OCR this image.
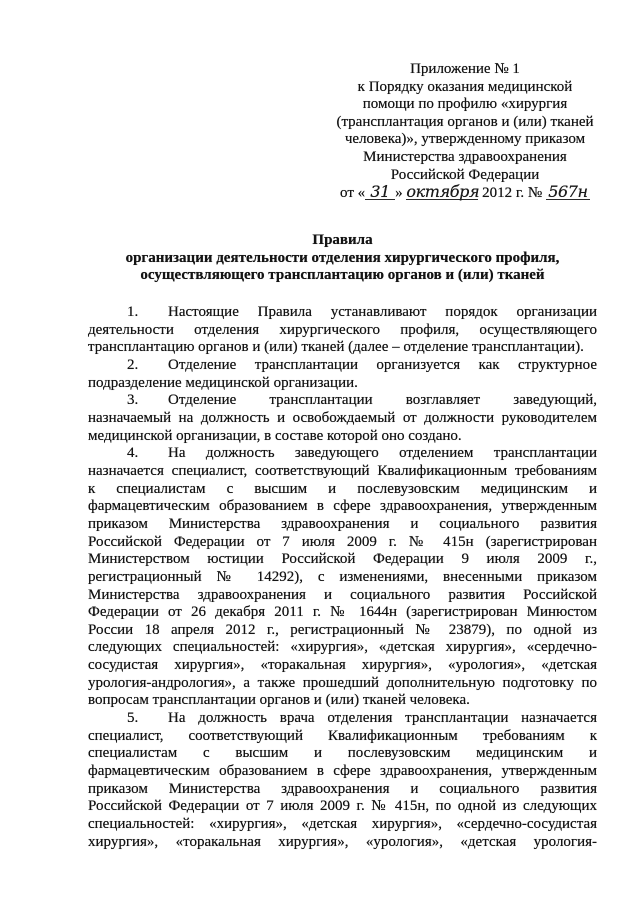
Приложение № 1
к Порядку оказания медицинской
помощи по профилю «хирургия
(трансплантация органов и (или) тканей
человека)», утвержденному приказом
Министерства здравоохранения
Российской Федерации
от « 31 » октября 2012 г. № 567н
Правила
организации деятельности отделения хирургического профиля,
осуществляющего трансплантацию органов и (или) тканей
1.	Настоящие Правила устанавливают порядок организации
деятельности отделения хирургического профиля, осуществляющего
трансплантацию органов и (или) тканей (далее – отделение трансплантации).
2.	Отделение трансплантации организуется как структурное
подразделение медицинской организации.
3.	Отделение трансплантации возглавляет заведующий,
назначаемый на должность и освобождаемый от должности руководителем
медицинской организации, в составе которой оно создано.
4.	На должность заведующего отделением трансплантации
назначается специалист, соответствующий Квалификационным требованиям
к специалистам с высшим и послевузовским медицинским и
фармацевтическим образованием в сфере здравоохранения, утвержденным
приказом Министерства здравоохранения и социального развития
Российской Федерации от 7 июля 2009 г. № 415н (зарегистрирован
Министерством юстиции Российской Федерации 9 июля 2009 г.,
регистрационный № 14292), с изменениями, внесенными приказом
Министерства здравоохранения и социального развития Российской
Федерации от 26 декабря 2011 г. № 1644н (зарегистрирован Минюстом
России 18 апреля 2012 г., регистрационный № 23879), по одной из
следующих специальностей: «хирургия», «детская хирургия», «сердечно-
сосудистая хирургия», «торакальная хирургия», «урология», «детская
урология-андрология», а также прошедший дополнительную подготовку по
вопросам трансплантации органов и (или) тканей человека.
5.	На должность врача отделения трансплантации назначается
специалист, соответствующий Квалификационным требованиям к
специалистам с высшим и послевузовским медицинским и
фармацевтическим образованием в сфере здравоохранения, утвержденным
приказом Министерства здравоохранения и социального развития
Российской Федерации от 7 июля 2009 г. № 415н, по одной из следующих
специальностей: «хирургия», «детская хирургия», «сердечно-сосудистая
хирургия», «торакальная хирургия», «урология», «детская урология-
